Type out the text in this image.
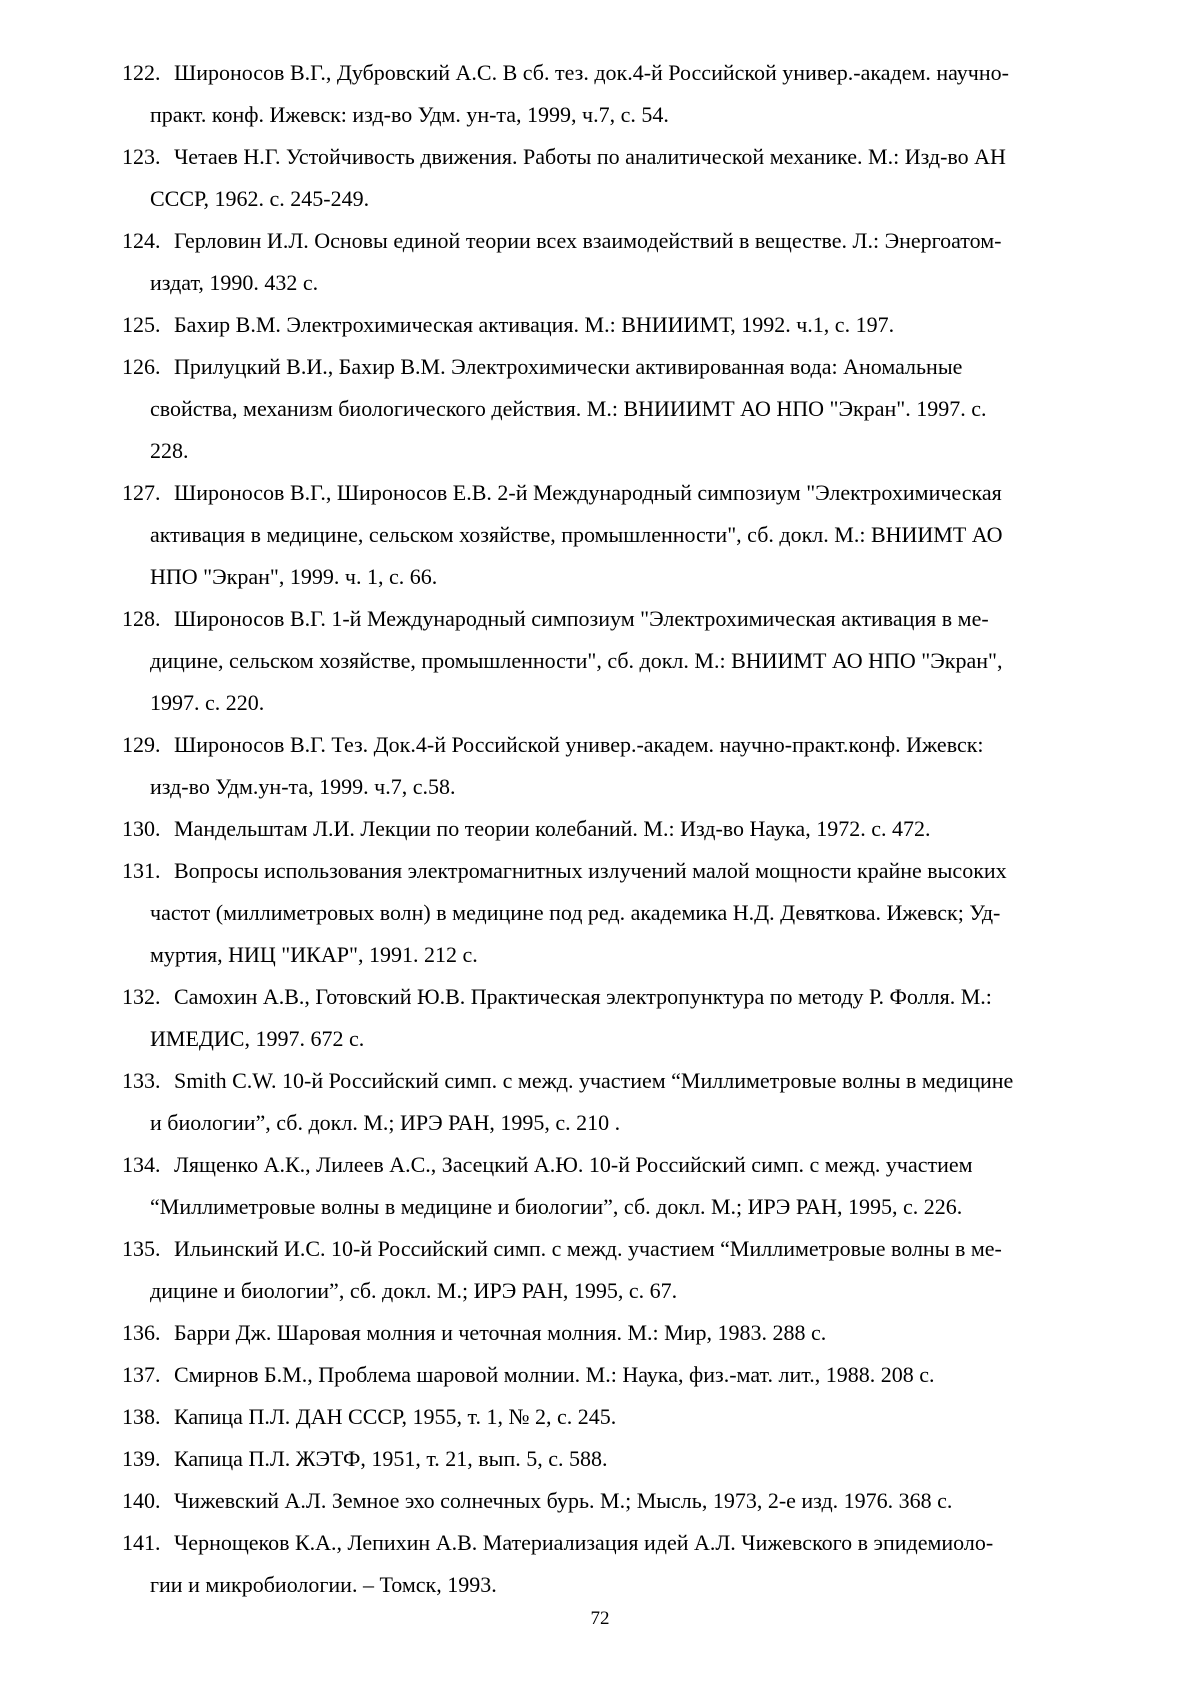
122. Широносов В.Г., Дубровский А.С. В сб. тез. док.4-й Российской универ.-академ. научно-
практ. конф. Ижевск: изд-во Удм. ун-та, 1999, ч.7, с. 54.
123. Четаев Н.Г. Устойчивость движения. Работы по аналитической механике. М.: Изд-во АН
СССР, 1962. с. 245-249.
124. Герловин И.Л. Основы единой теории всех взаимодействий в веществе. Л.: Энергоатом-
издат, 1990. 432 с.
125. Бахир В.М. Электрохимическая активация. М.: ВНИИИМТ, 1992. ч.1, с. 197.
126. Прилуцкий В.И., Бахир В.М. Электрохимически активированная вода: Аномальные
свойства, механизм биологического действия. М.: ВНИИИМТ АО НПО "Экран". 1997. с.
228.
127. Широносов В.Г., Широносов Е.В. 2-й Международный симпозиум "Электрохимическая
активация в медицине, сельском хозяйстве, промышленности", сб. докл. М.: ВНИИМТ АО
НПО "Экран", 1999. ч. 1, с. 66.
128. Широносов В.Г. 1-й Международный симпозиум "Электрохимическая активация в ме-
дицине, сельском хозяйстве, промышленности", сб. докл. М.: ВНИИМТ АО НПО "Экран",
1997. с. 220.
129. Широносов В.Г. Тез. Док.4-й Российской универ.-академ. научно-практ.конф. Ижевск:
изд-во Удм.ун-та, 1999. ч.7, с.58.
130. Мандельштам Л.И. Лекции по теории колебаний. М.: Изд-во Наука, 1972. с. 472.
131. Вопросы использования электромагнитных излучений малой мощности крайне высоких
частот (миллиметровых волн) в медицине под ред. академика Н.Д. Девяткова. Ижевск; Уд-
муртия, НИЦ "ИКАР", 1991. 212 с.
132. Самохин А.В., Готовский Ю.В. Практическая электропунктура по методу Р. Фолля. М.:
ИМЕДИС, 1997. 672 с.
133. Smith C.W. 10-й Российский симп. с межд. участием “Миллиметровые волны в медицине
и биологии”, сб. докл. М.; ИРЭ РАН, 1995, с. 210 .
134. Лященко А.К., Лилеев А.С., Засецкий А.Ю. 10-й Российский симп. с межд. участием
“Миллиметровые волны в медицине и биологии”, сб. докл. М.; ИРЭ РАН, 1995, с. 226.
135. Ильинский И.С. 10-й Российский симп. с межд. участием “Миллиметровые волны в ме-
дицине и биологии”, сб. докл. М.; ИРЭ РАН, 1995, с. 67.
136. Барри Дж. Шаровая молния и четочная молния. М.: Мир, 1983. 288 с.
137. Смирнов Б.М., Проблема шаровой молнии. М.: Наука, физ.-мат. лит., 1988. 208 с.
138. Капица П.Л. ДАН СССР, 1955, т. 1, № 2, с. 245.
139. Капица П.Л. ЖЭТФ, 1951, т. 21, вып. 5, с. 588.
140. Чижевский А.Л. Земное эхо солнечных бурь. М.; Мысль, 1973, 2-е изд. 1976. 368 с.
141. Чернощеков К.А., Лепихин А.В. Материализация идей А.Л. Чижевского в эпидемиоло-
гии и микробиологии. – Томск, 1993.
72
